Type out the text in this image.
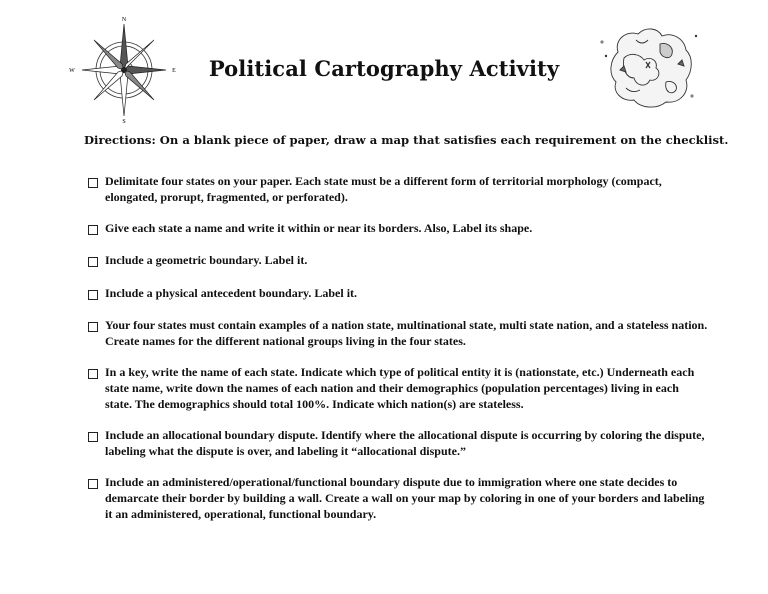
N
S
W	E	Political Cartography Activity
Directions: On a blank piece of paper, draw a map that satisfies each requirement on the checklist.
Delimitate four states on your paper. Each state must be a different form of territorial morphology (compact, elongated, prorupt, fragmented, or perforated).
Give each state a name and write it within or near its borders. Also, Label its shape.
Include a geometric boundary. Label it.
Include a physical antecedent boundary. Label it.
Your four states must contain examples of a nation state, multinational state, multi state nation, and a stateless nation. Create names for the different national groups living in the four states.
In a key, write the name of each state. Indicate which type of political entity it is (nationstate, etc.) Underneath each state name, write down the names of each nation and their demographics (population percentages) living in each state. The demographics should total 100%. Indicate which nation(s) are stateless.
Include an allocational boundary dispute. Identify where the allocational dispute is occurring by coloring the dispute, labeling what the dispute is over, and labeling it “allocational dispute.”
Include an administered/operational/functional boundary dispute due to immigration where one state decides to demarcate their border by building a wall. Create a wall on your map by coloring in one of your borders and labeling it an administered, operational, functional boundary.
